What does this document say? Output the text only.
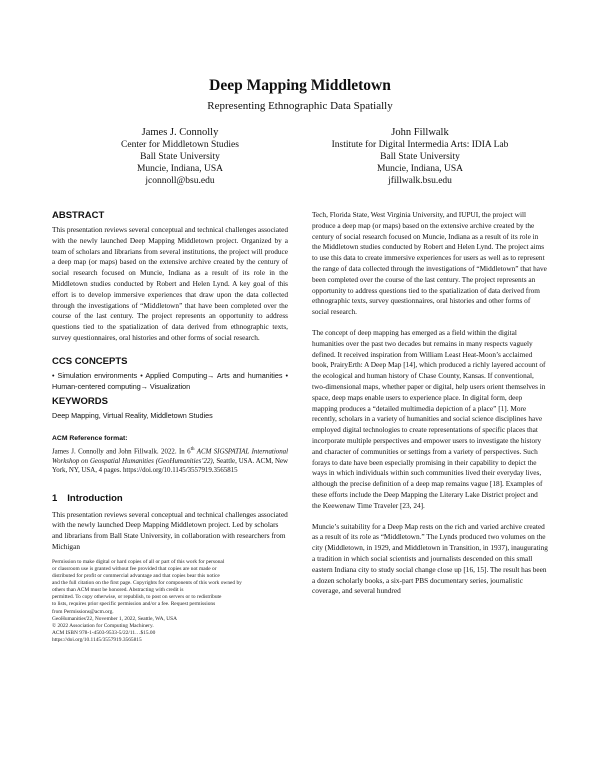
Deep Mapping Middletown
Representing Ethnographic Data Spatially
James J. Connolly
Center for Middletown Studies
Ball State University
Muncie, Indiana, USA
jconnoll@bsu.edu
John Fillwalk
Institute for Digital Intermedia Arts: IDIA Lab
Ball State University
Muncie, Indiana, USA
jfillwalk.bsu.edu
ABSTRACT

This presentation reviews several conceptual and technical challenges associated with the newly launched Deep Mapping Middletown project. Organized by a team of scholars and librarians from several institutions, the project will produce a deep map (or maps) based on the extensive archive created by the century of social research focused on Muncie, Indiana as a result of its role in the Middletown studies conducted by Robert and Helen Lynd. A key goal of this effort is to develop immersive experiences that draw upon the data collected through the investigations of “Middletown” that have been completed over the course of the last century. The project represents an opportunity to address questions tied to the spatialization of data derived from ethnographic texts, survey questionnaires, oral histories and other forms of social research.

CCS CONCEPTS

• Simulation environments • Applied Computing→ Arts and humanities • Human-centered computing→ Visualization

KEYWORDS

Deep Mapping, Virtual Reality, Middletown Studies

ACM Reference format:

James J. Connolly and John Fillwalk. 2022. In 6th ACM SIGSPATIAL International Workshop on Geospatial Humanities (GeoHumanities’22), Seattle, USA. ACM, New York, NY, USA, 4 pages. https://doi.org/10.1145/3557919.3565815

1 Introduction

This presentation reviews several conceptual and technical challenges associated with the newly launched Deep Mapping Middletown project. Led by scholars and librarians from Ball State University, in collaboration with researchers from Michigan

Permission to make digital or hard copies of all or part of this work for personal
or classroom use is granted without fee provided that copies are not made or
distributed for profit or commercial advantage and that copies bear this notice
and the full citation on the first page. Copyrights for components of this work owned by
others than ACM must be honored. Abstracting with credit is
permitted. To copy otherwise, or republish, to post on servers or to redistribute
to lists, requires prior specific permission and/or a fee. Request permissions
from Permissions@acm.org.
GeoHumanities'22, November 1, 2022, Seattle, WA, USA
© 2022 Association for Computing Machinery.
ACM ISBN 978-1-4503-9533-5/22/11…$15.00
https://doi.org/10.1145/3557919.3565815

Tech, Florida State, West Virginia University, and IUPUI, the project will produce a deep map (or maps) based on the extensive archive created by the century of social research focused on Muncie, Indiana as a result of its role in the Middletown studies conducted by Robert and Helen Lynd. The project aims to use this data to create immersive experiences for users as well as to represent the range of data collected through the investigations of “Middletown” that have been completed over the course of the last century. The project represents an opportunity to address questions tied to the spatialization of data derived from ethnographic texts, survey questionnaires, oral histories and other forms of social research.

The concept of deep mapping has emerged as a field within the digital humanities over the past two decades but remains in many respects vaguely defined. It received inspiration from William Least Heat-Moon’s acclaimed book, PrairyErth: A Deep Map [14], which produced a richly layered account of the ecological and human history of Chase County, Kansas. If conventional, two-dimensional maps, whether paper or digital, help users orient themselves in space, deep maps enable users to experience place. In digital form, deep mapping produces a “detailed multimedia depiction of a place” [1]. More recently, scholars in a variety of humanities and social science disciplines have employed digital technologies to create representations of specific places that incorporate multiple perspectives and empower users to investigate the history and character of communities or settings from a variety of perspectives. Such forays to date have been especially promising in their capability to depict the ways in which individuals within such communities lived their everyday lives, although the precise definition of a deep map remains vague [18]. Examples of these efforts include the Deep Mapping the Literary Lake District project and the Keewenaw Time Traveler [23, 24].

Muncie’s suitability for a Deep Map rests on the rich and varied archive created as a result of its role as “Middletown.” The Lynds produced two volumes on the city (Middletown, in 1929, and Middletown in Transition, in 1937), inaugurating a tradition in which social scientists and journalists descended on this small eastern Indiana city to study social change close up [16, 15]. The result has been a dozen scholarly books, a six-part PBS documentary series, journalistic coverage, and several hundred
